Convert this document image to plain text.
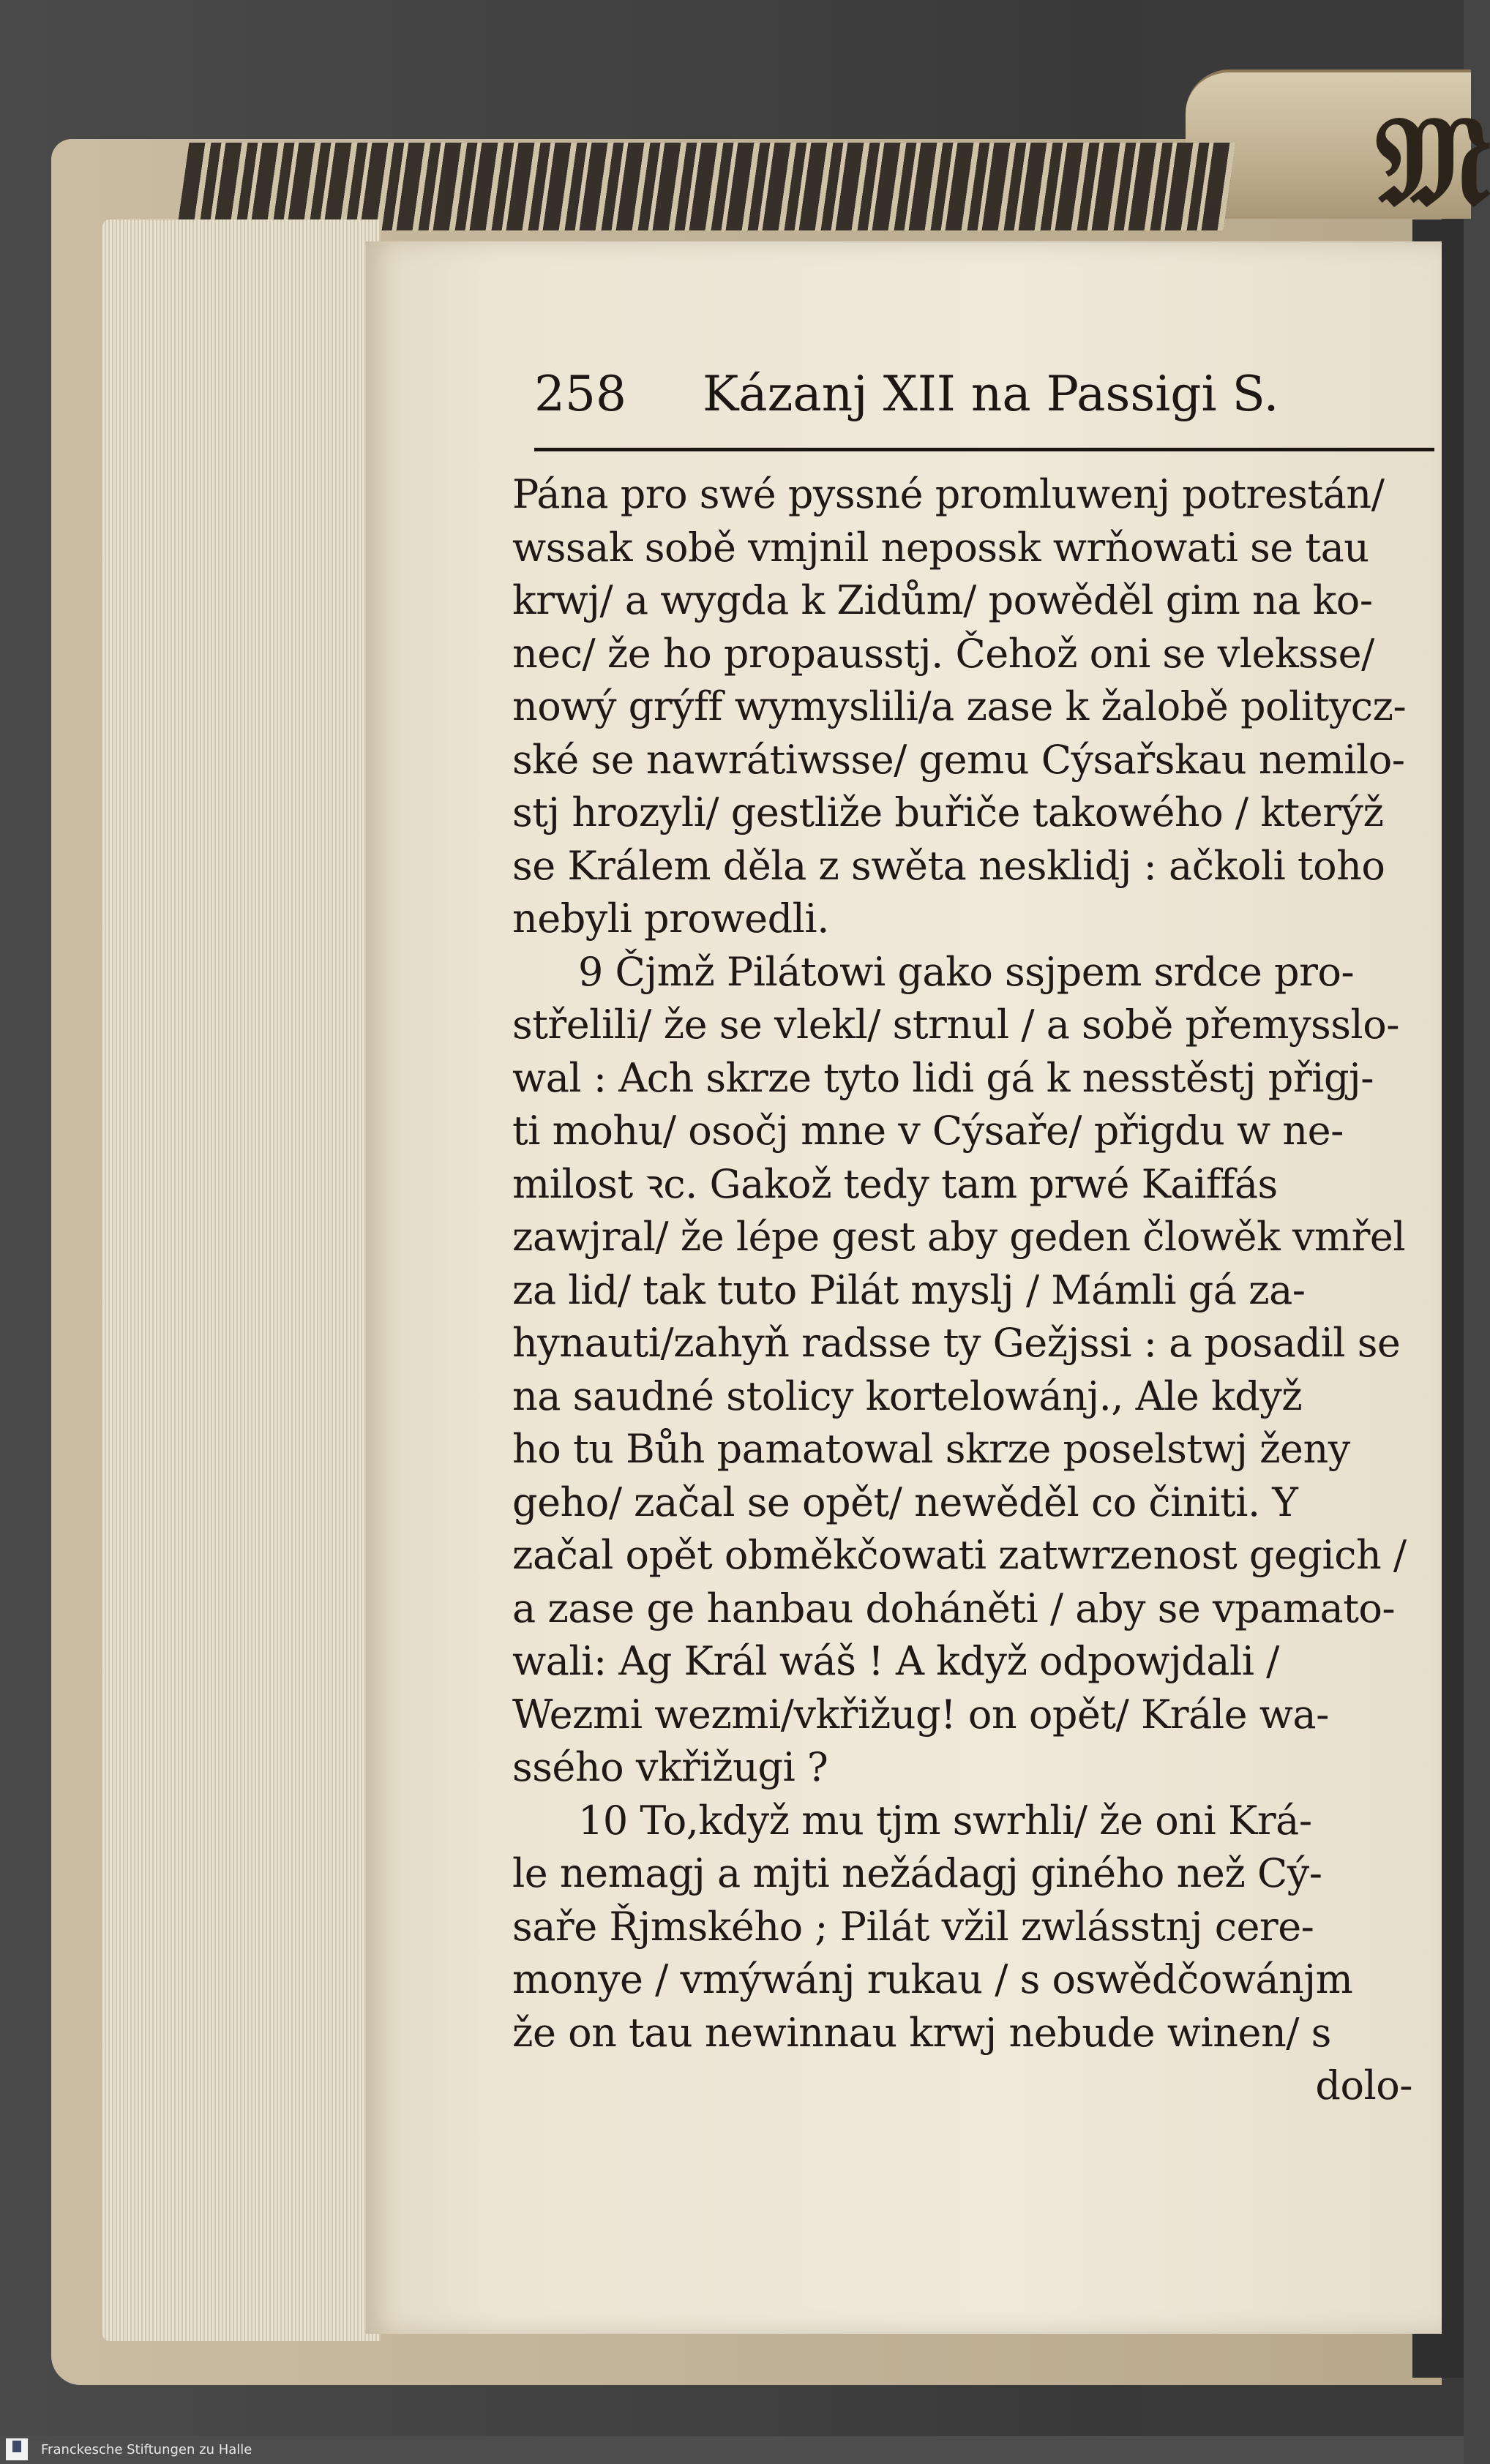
𝔐
258 Kázanj XII na Passigi S.
Pána pro swé pyssné promluwenj potrestán/
wssak sobě vmjnil nepossk wrňowati se tau
krwj/ a wygda k Zidům/ powěděl gim na ko-
nec/ že ho propausstj. Čehož oni se vleksse/
nowý grýff wymyslili/a zase k žalobě politycz-
ské se nawrátiwsse/ gemu Cýsařskau nemilo-
stj hrozyli/ gestliže buřiče takowého / kterýž
se Králem děla z swěta nesklidj : ačkoli toho
nebyli prowedli.
9 Čjmž Pilátowi gako ssjpem srdce pro-
střelili/ že se vlekl/ strnul / a sobě přemysslo-
wal : Ach skrze tyto lidi gá k nesstěstj přigj-
ti mohu/ osočj mne v Cýsaře/ přigdu w ne-
milost ꝛc. Gakož tedy tam prwé Kaiffás
zawjral/ že lépe gest aby geden člowěk vmřel
za lid/ tak tuto Pilát myslj / Mámli gá za-
hynauti/zahyň radsse ty Gežjssi : a posadil se
na saudné stolicy kortelowánj., Ale když
ho tu Bůh pamatowal skrze poselstwj ženy
geho/ začal se opět/ newěděl co činiti. Y
začal opět obměkčowati zatwrzenost gegich /
a zase ge hanbau doháněti / aby se vpamato-
wali: Ag Král wáš ! A když odpowjdali /
Wezmi wezmi/vkřižug! on opět/ Krále wa-
ssého vkřižugi ?
10 To,když mu tjm swrhli/ že oni Krá-
le nemagj a mjti nežádagj giného než Cý-
saře Řjmského ; Pilát vžil zwlásstnj cere-
monye / vmýwánj rukau / s oswědčowánjm
že on tau newinnau krwj nebude winen/ s
dolo-
Franckesche Stiftungen zu Halle
